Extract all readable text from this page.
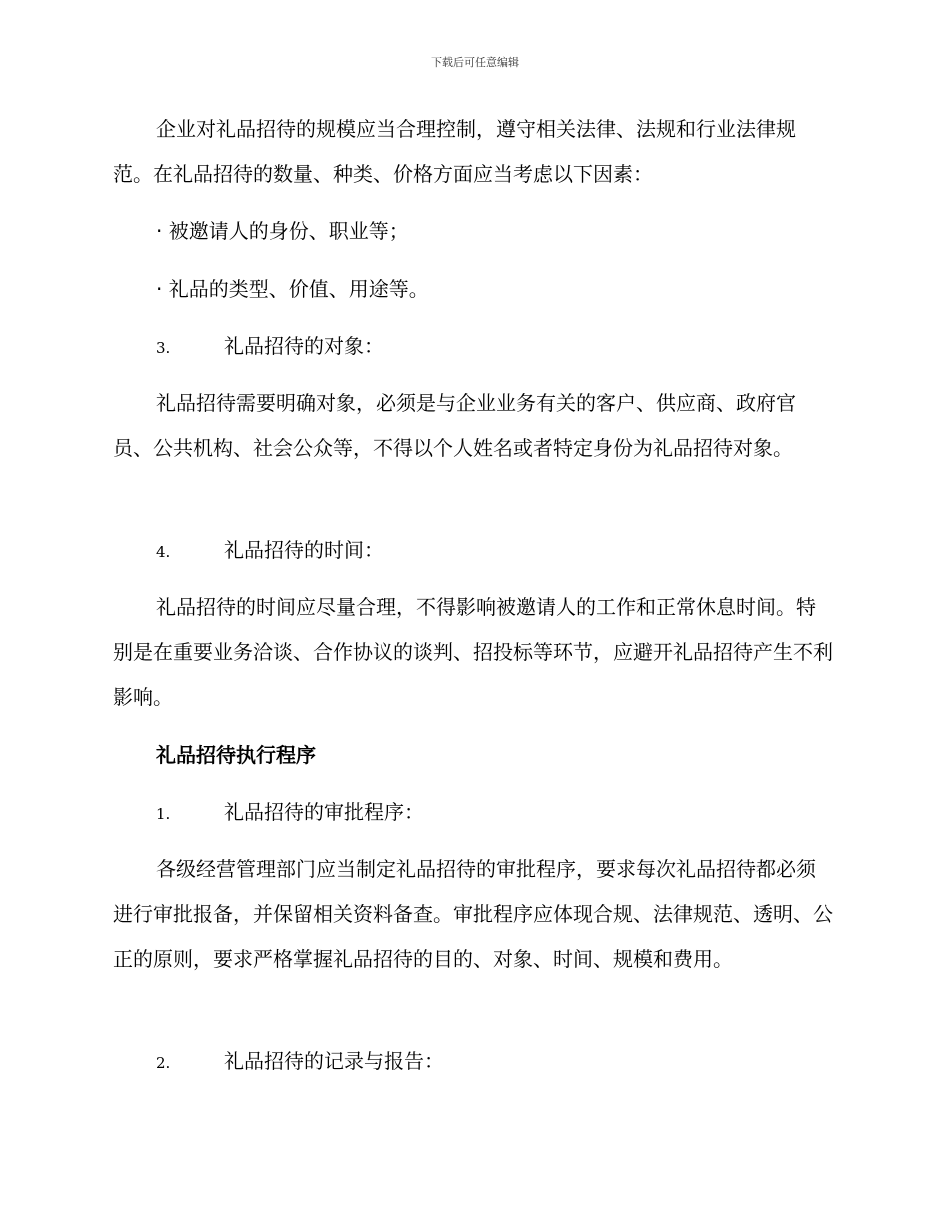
下载后可任意编辑

企业对礼品招待的规模应当合理控制，遵守相关法律、法规和行业法律规范。在礼品招待的数量、种类、价格方面应当考虑以下因素：

· 被邀请人的身份、职业等；
· 礼品的类型、价值、用途等。
3.	礼品招待的对象：

礼品招待需要明确对象，必须是与企业业务有关的客户、供应商、政府官员、公共机构、社会公众等，不得以个人姓名或者特定身份为礼品招待对象。

4.	礼品招待的时间：

礼品招待的时间应尽量合理，不得影响被邀请人的工作和正常休息时间。特别是在重要业务洽谈、合作协议的谈判、招投标等环节，应避开礼品招待产生不利影响。

礼品招待执行程序
1.	礼品招待的审批程序：

各级经营管理部门应当制定礼品招待的审批程序，要求每次礼品招待都必须进行审批报备，并保留相关资料备查。审批程序应体现合规、法律规范、透明、公正的原则，要求严格掌握礼品招待的目的、对象、时间、规模和费用。

2.	礼品招待的记录与报告：
